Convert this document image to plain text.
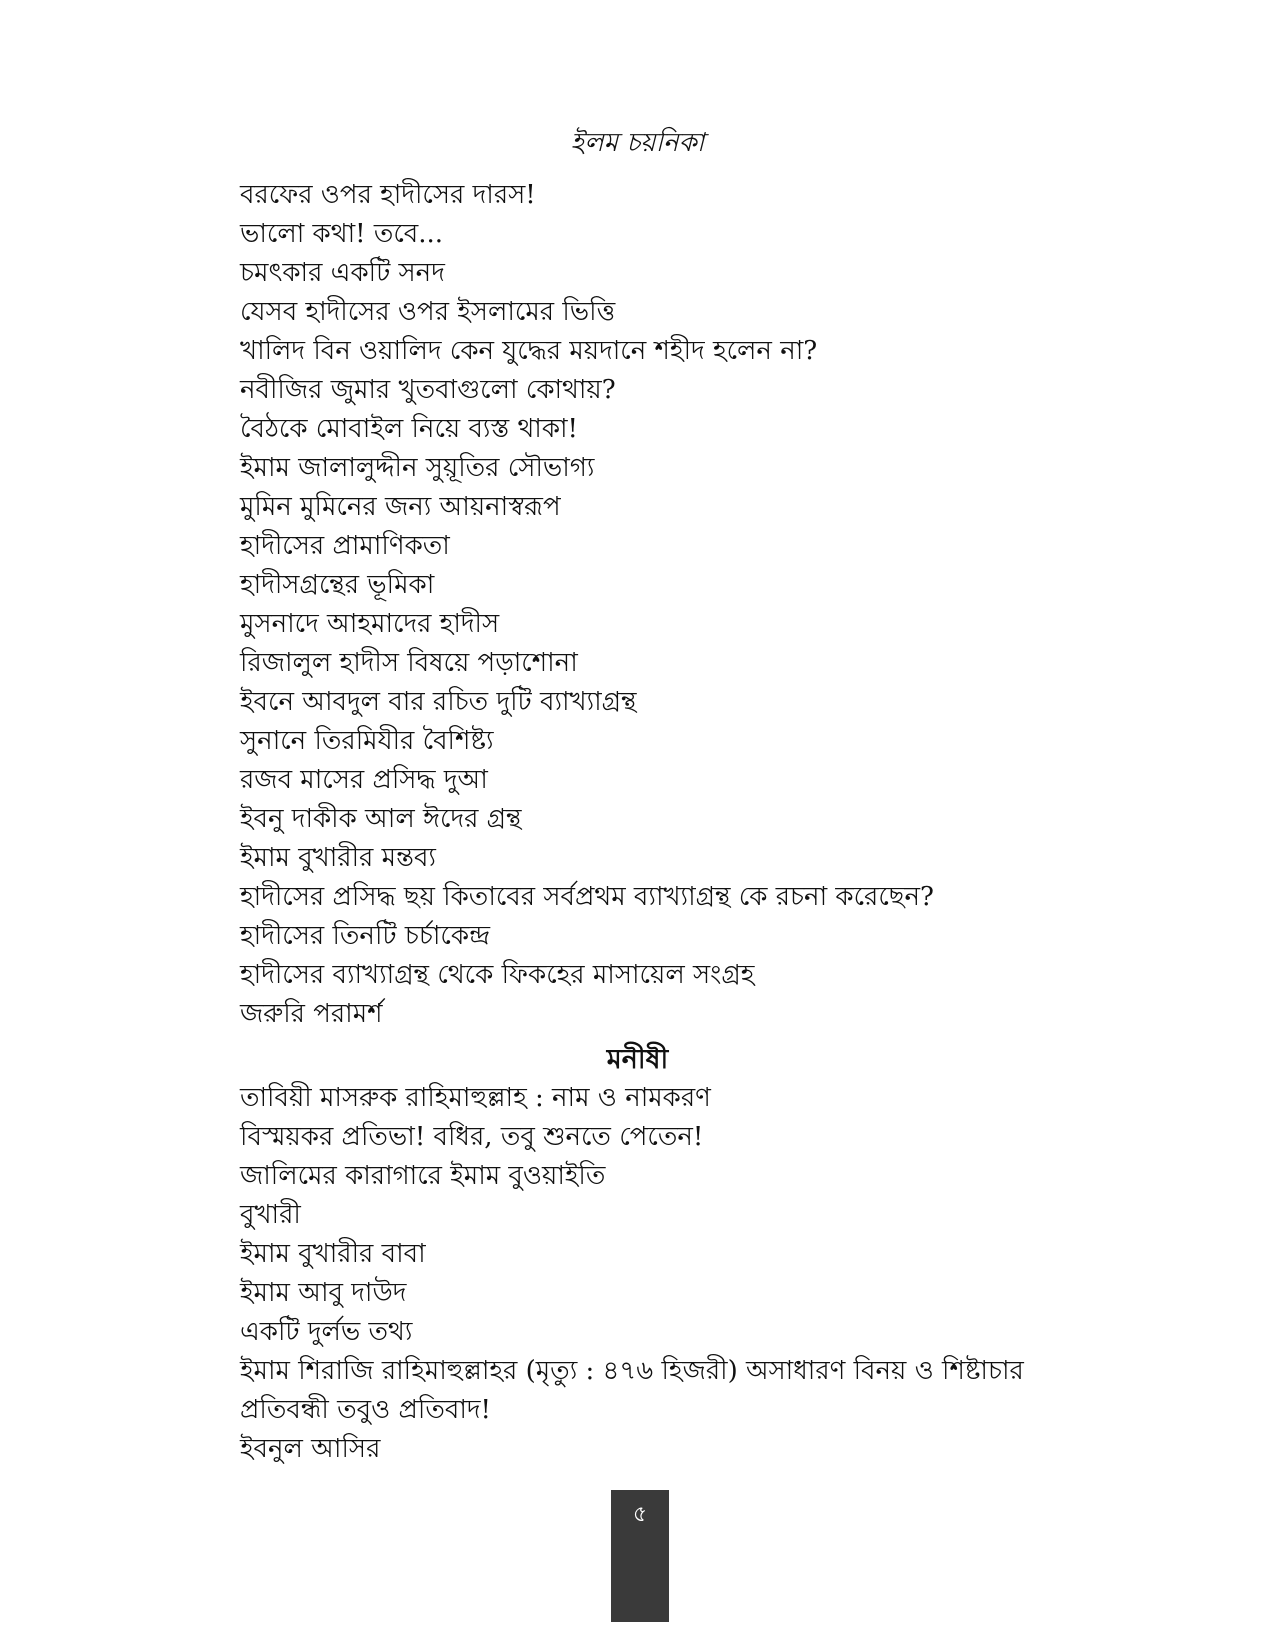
ইলম চয়নিকা
বরফের ওপর হাদীসের দারস!
ভালো কথা! তবে...
চমৎকার একটি সনদ
যেসব হাদীসের ওপর ইসলামের ভিত্তি
খালিদ বিন ওয়ালিদ কেন যুদ্ধের ময়দানে শহীদ হলেন না?
নবীজির জুমার খুতবাগুলো কোথায়?
বৈঠকে মোবাইল নিয়ে ব্যস্ত থাকা!
ইমাম জালালুদ্দীন সুয়ূতির সৌভাগ্য
মুমিন মুমিনের জন্য আয়নাস্বরূপ
হাদীসের প্রামাণিকতা
হাদীসগ্রন্থের ভূমিকা
মুসনাদে আহমাদের হাদীস
রিজালুল হাদীস বিষয়ে পড়াশোনা
ইবনে আবদুল বার রচিত দুটি ব্যাখ্যাগ্রন্থ
সুনানে তিরমিযীর বৈশিষ্ট্য
রজব মাসের প্রসিদ্ধ দুআ
ইবনু দাকীক আল ঈদের গ্রন্থ
ইমাম বুখারীর মন্তব্য
হাদীসের প্রসিদ্ধ ছয় কিতাবের সর্বপ্রথম ব্যাখ্যাগ্রন্থ কে রচনা করেছেন?
হাদীসের তিনটি চর্চাকেন্দ্র
হাদীসের ব্যাখ্যাগ্রন্থ থেকে ফিকহের মাসায়েল সংগ্রহ
জরুরি পরামর্শ
মনীষী
তাবিয়ী মাসরুক রাহিমাহুল্লাহ : নাম ও নামকরণ
বিস্ময়কর প্রতিভা! বধির, তবু শুনতে পেতেন!
জালিমের কারাগারে ইমাম বুওয়াইতি
বুখারী
ইমাম বুখারীর বাবা
ইমাম আবু দাউদ
একটি দুর্লভ তথ্য
ইমাম শিরাজি রাহিমাহুল্লাহর (মৃত্যু : ৪৭৬ হিজরী) অসাধারণ বিনয় ও শিষ্টাচার
প্রতিবন্ধী তবুও প্রতিবাদ!
ইবনুল আসির
৫
